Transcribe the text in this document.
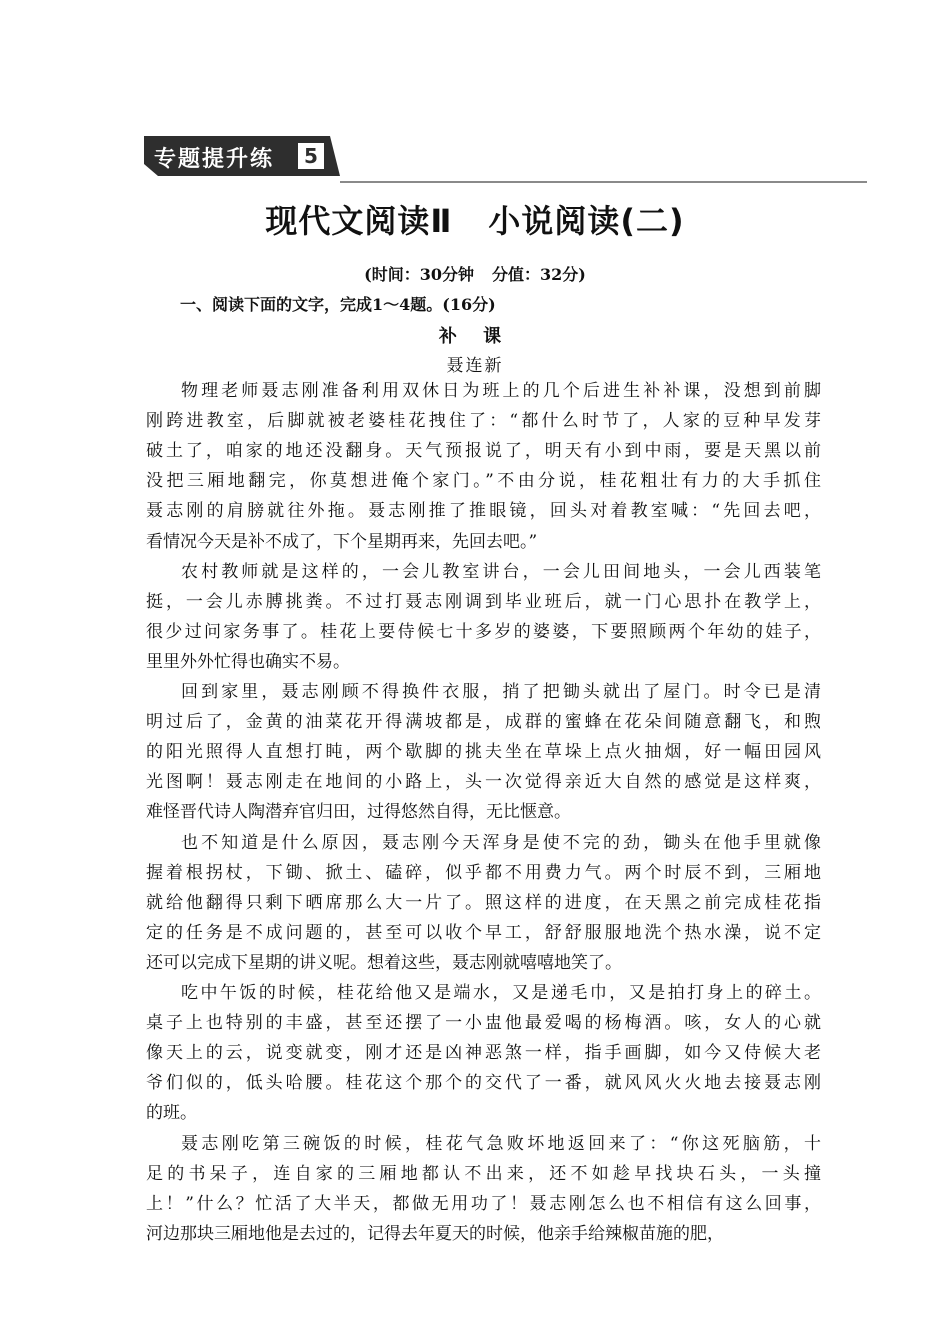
专题提升练	5
现代文阅读Ⅱ 小说阅读(二)
(时间：30分钟 分值：32分)
一、阅读下面的文字，完成1～4题。(16分)
补 课
聂连新
物理老师聂志刚准备利用双休日为班上的几个后进生补补课，没想到前脚
刚跨进教室，后脚就被老婆桂花拽住了：“都什么时节了，人家的豆种早发芽
破土了，咱家的地还没翻身。天气预报说了，明天有小到中雨，要是天黑以前
没把三厢地翻完，你莫想进俺个家门。”不由分说，桂花粗壮有力的大手抓住
聂志刚的肩膀就往外拖。聂志刚推了推眼镜，回头对着教室喊：“先回去吧，
看情况今天是补不成了，下个星期再来，先回去吧。”
农村教师就是这样的，一会儿教室讲台，一会儿田间地头，一会儿西装笔
挺，一会儿赤膊挑粪。不过打聂志刚调到毕业班后，就一门心思扑在教学上，
很少过问家务事了。桂花上要侍候七十多岁的婆婆，下要照顾两个年幼的娃子，
里里外外忙得也确实不易。
回到家里，聂志刚顾不得换件衣服，捎了把锄头就出了屋门。时令已是清
明过后了，金黄的油菜花开得满坡都是，成群的蜜蜂在花朵间随意翻飞，和煦
的阳光照得人直想打盹，两个歇脚的挑夫坐在草垛上点火抽烟，好一幅田园风
光图啊！聂志刚走在地间的小路上，头一次觉得亲近大自然的感觉是这样爽，
难怪晋代诗人陶潜弃官归田，过得悠然自得，无比惬意。
也不知道是什么原因，聂志刚今天浑身是使不完的劲，锄头在他手里就像
握着根拐杖，下锄、掀土、磕碎，似乎都不用费力气。两个时辰不到，三厢地
就给他翻得只剩下晒席那么大一片了。照这样的进度，在天黑之前完成桂花指
定的任务是不成问题的，甚至可以收个早工，舒舒服服地洗个热水澡，说不定
还可以完成下星期的讲义呢。想着这些，聂志刚就嘻嘻地笑了。
吃中午饭的时候，桂花给他又是端水，又是递毛巾，又是拍打身上的碎土。
桌子上也特别的丰盛，甚至还摆了一小盅他最爱喝的杨梅酒。咳，女人的心就
像天上的云，说变就变，刚才还是凶神恶煞一样，指手画脚，如今又侍候大老
爷们似的，低头哈腰。桂花这个那个的交代了一番，就风风火火地去接聂志刚
的班。
聂志刚吃第三碗饭的时候，桂花气急败坏地返回来了：“你这死脑筋，十
足的书呆子，连自家的三厢地都认不出来，还不如趁早找块石头，一头撞
上！”什么？忙活了大半天，都做无用功了！聂志刚怎么也不相信有这么回事，
河边那块三厢地他是去过的，记得去年夏天的时候，他亲手给辣椒苗施的肥，
